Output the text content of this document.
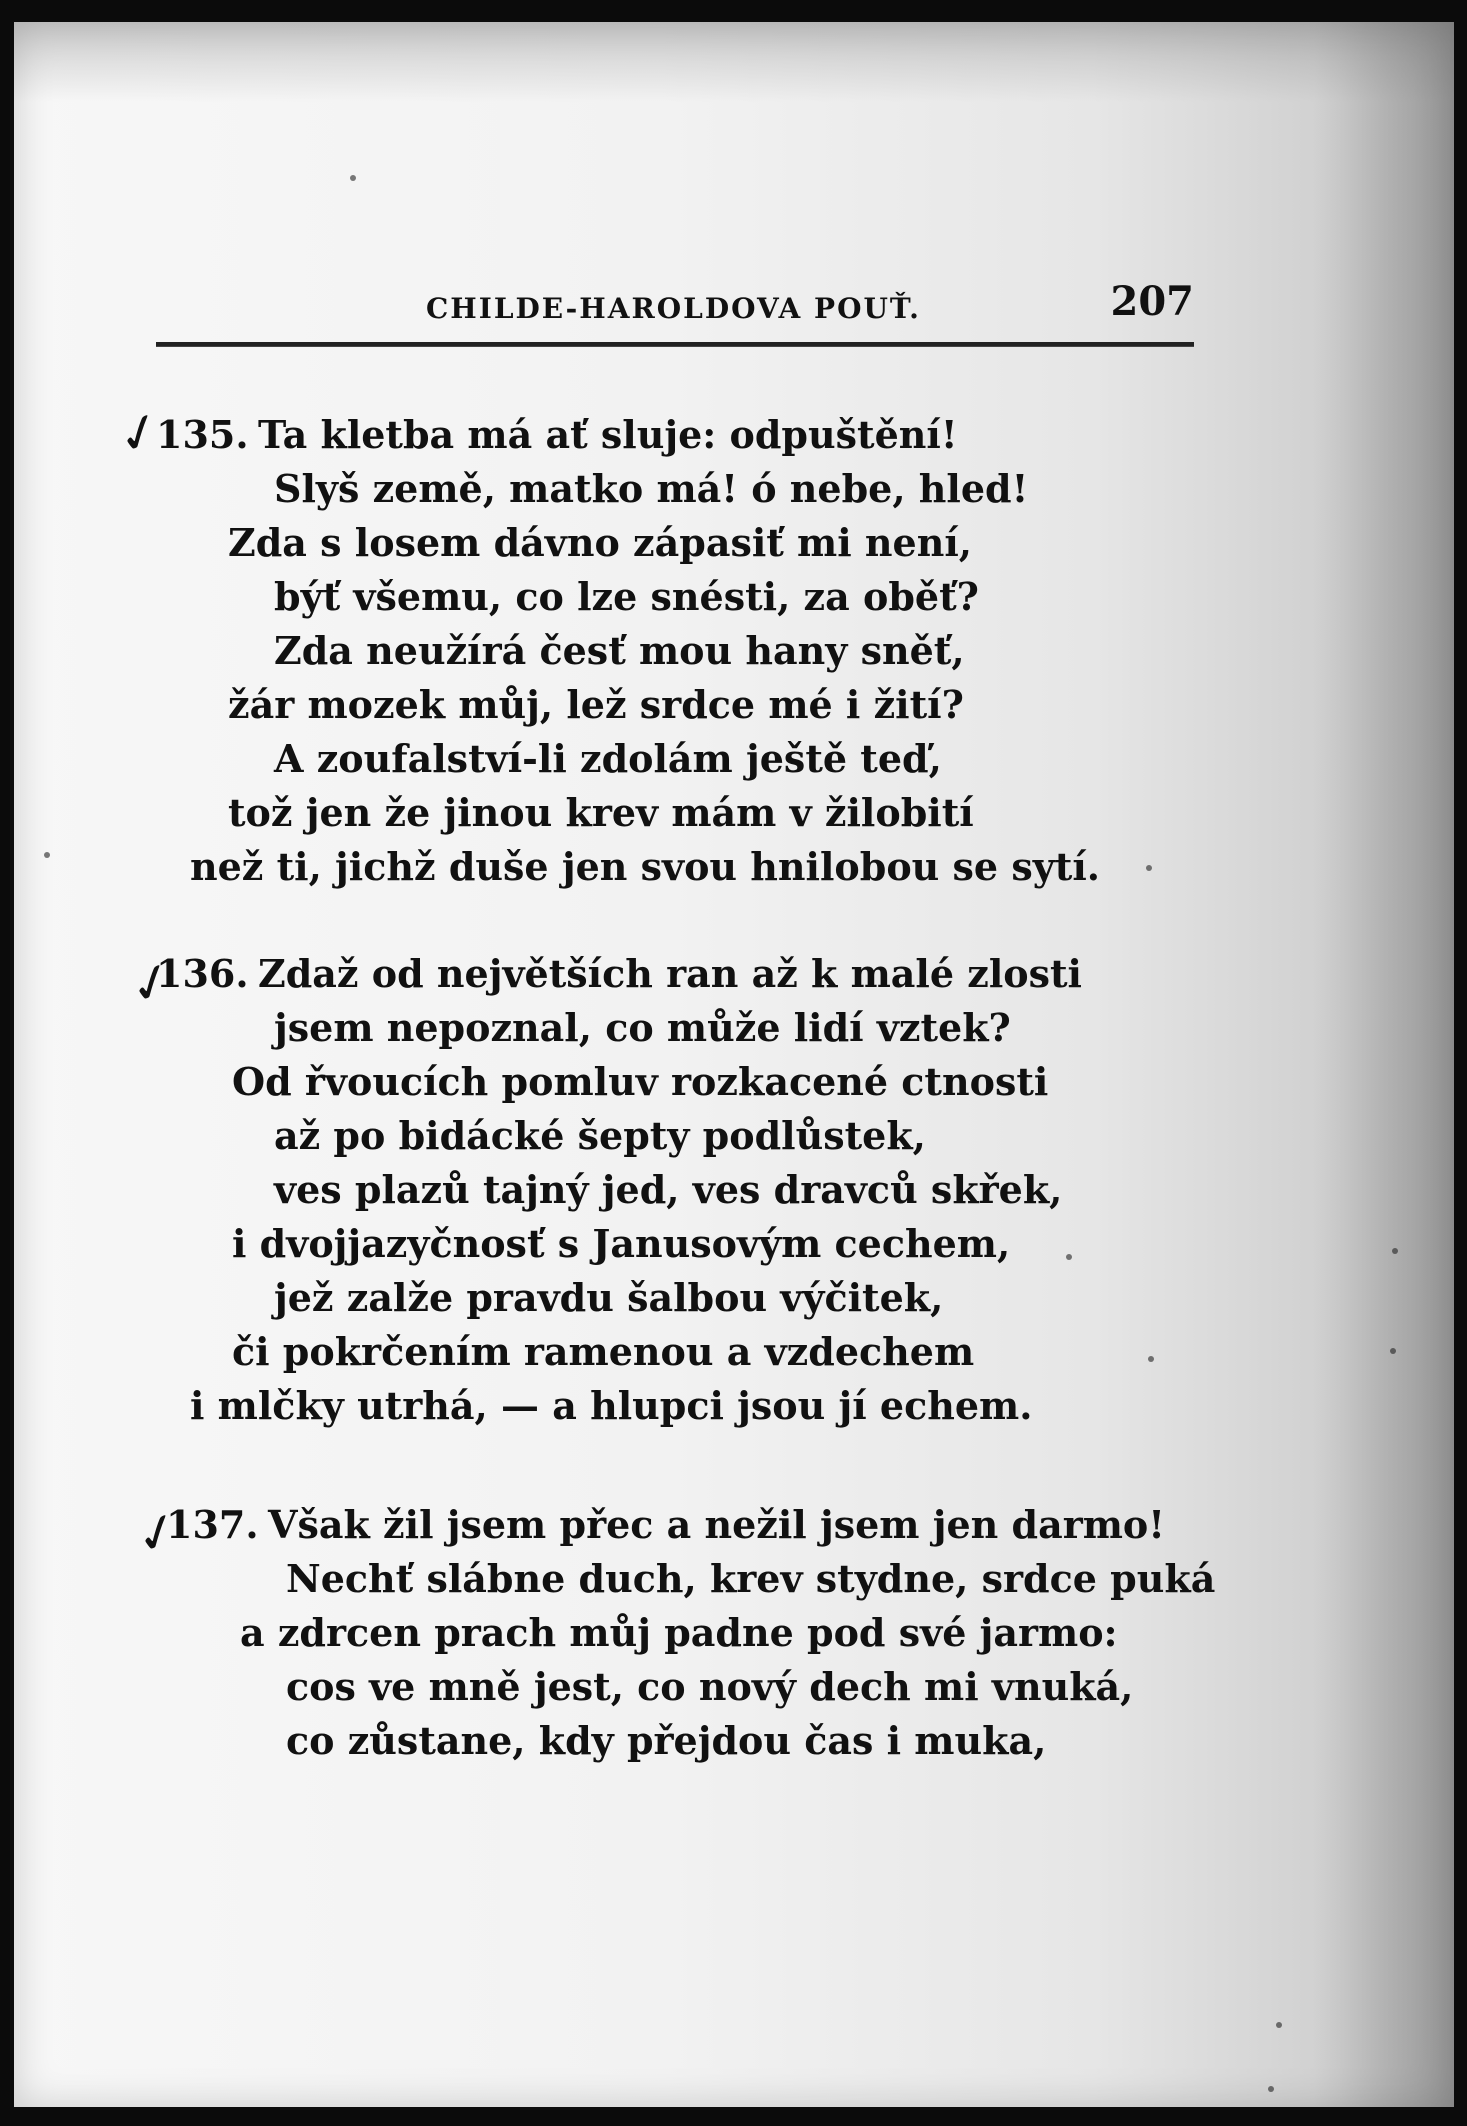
CHILDE-HAROLDOVA POUŤ.	207
✓
135. Ta kletba má ať sluje: odpuštění!
Slyš země, matko má! ó nebe, hled!
Zda s losem dávno zápasiť mi není,
býť všemu, co lze snésti, za oběť?
Zda neužírá česť mou hany sněť,
žár mozek můj, lež srdce mé i žití?
A zoufalství-li zdolám ještě teď,
tož jen že jinou krev mám v žilobití
než ti, jichž duše jen svou hnilobou se sytí.
✓
136. Zdaž od největších ran až k malé zlosti
jsem nepoznal, co může lidí vztek?
Od řvoucích pomluv rozkacené ctnosti
až po bidácké šepty podlůstek,
ves plazů tajný jed, ves dravců skřek,
i dvojjazyčnosť s Janusovým cechem,
jež zalže pravdu šalbou výčitek,
či pokrčením ramenou a vzdechem
i mlčky utrhá, — a hlupci jsou jí echem.
✓
137. Však žil jsem přec a nežil jsem jen darmo!
Nechť slábne duch, krev stydne, srdce puká
a zdrcen prach můj padne pod své jarmo:
cos ve mně jest, co nový dech mi vnuká,
co zůstane, kdy přejdou čas i muka,
